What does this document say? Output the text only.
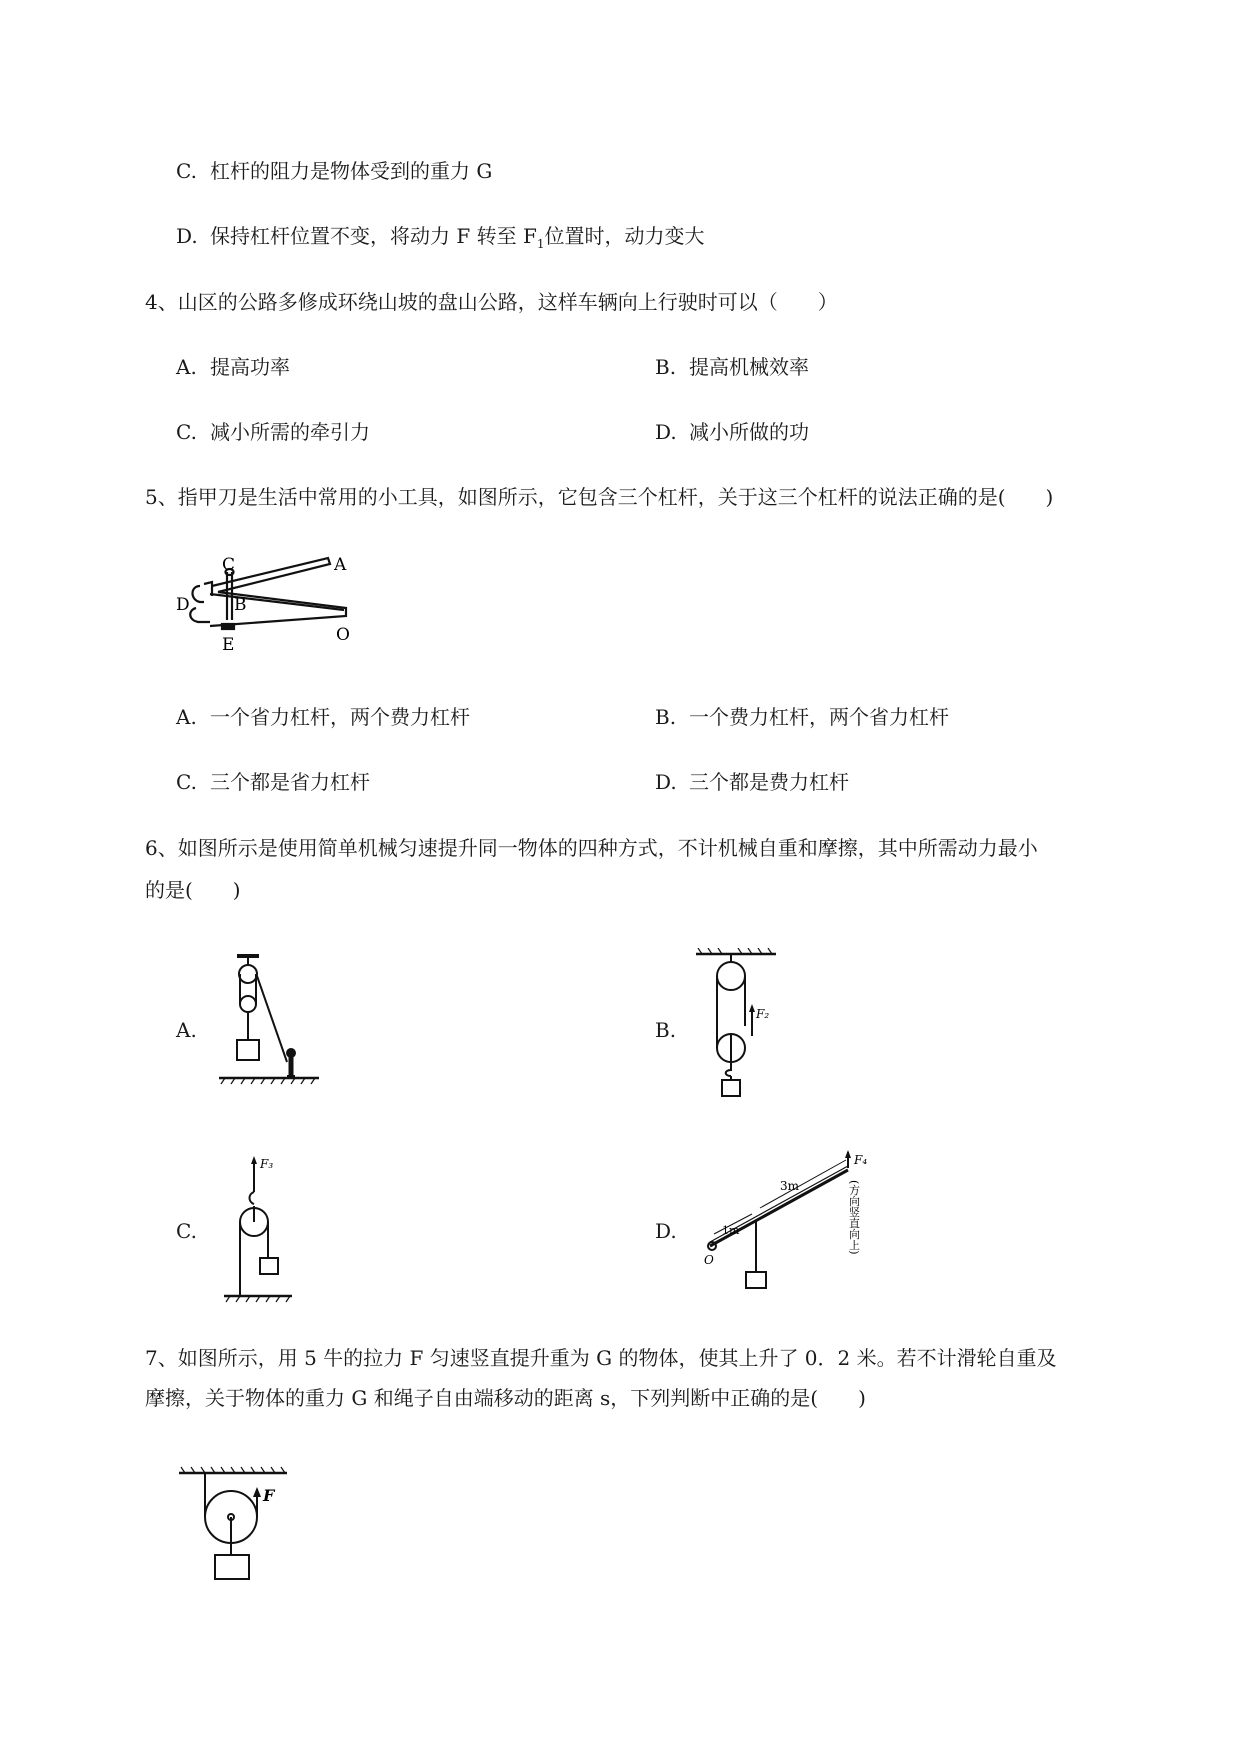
C. 杠杆的阻力是物体受到的重力 G
D. 保持杠杆位置不变，将动力 F 转至 $F_1$位置时，动力变大
4、山区的公路多修成环绕山坡的盘山公路，这样车辆向上行驶时可以（　　）
A. 提高功率	B. 提高机械效率
C. 减小所需的牵引力	D. 减小所做的功
5、指甲刀是生活中常用的小工具，如图所示，它包含三个杠杆，关于这三个杠杆的说法正确的是(　　)
C	A
D	B
E	O
A. 一个省力杠杆，两个费力杠杆	B. 一个费力杠杆，两个省力杠杆
C. 三个都是省力杠杆	D. 三个都是费力杠杆
6、如图所示是使用简单机械匀速提升同一物体的四种方式，不计机械自重和摩擦，其中所需动力最小
的是(　　)
A.	B.
F₂
C.
F₃
D.
O
1m
3m
F₄
(方向竖直向上)
7、如图所示，用 5 牛的拉力 F 匀速竖直提升重为 G 的物体，使其上升了 0．2 米。若不计滑轮自重及
摩擦，关于物体的重力 G 和绳子自由端移动的距离 s，下列判断中正确的是(　　)
F
